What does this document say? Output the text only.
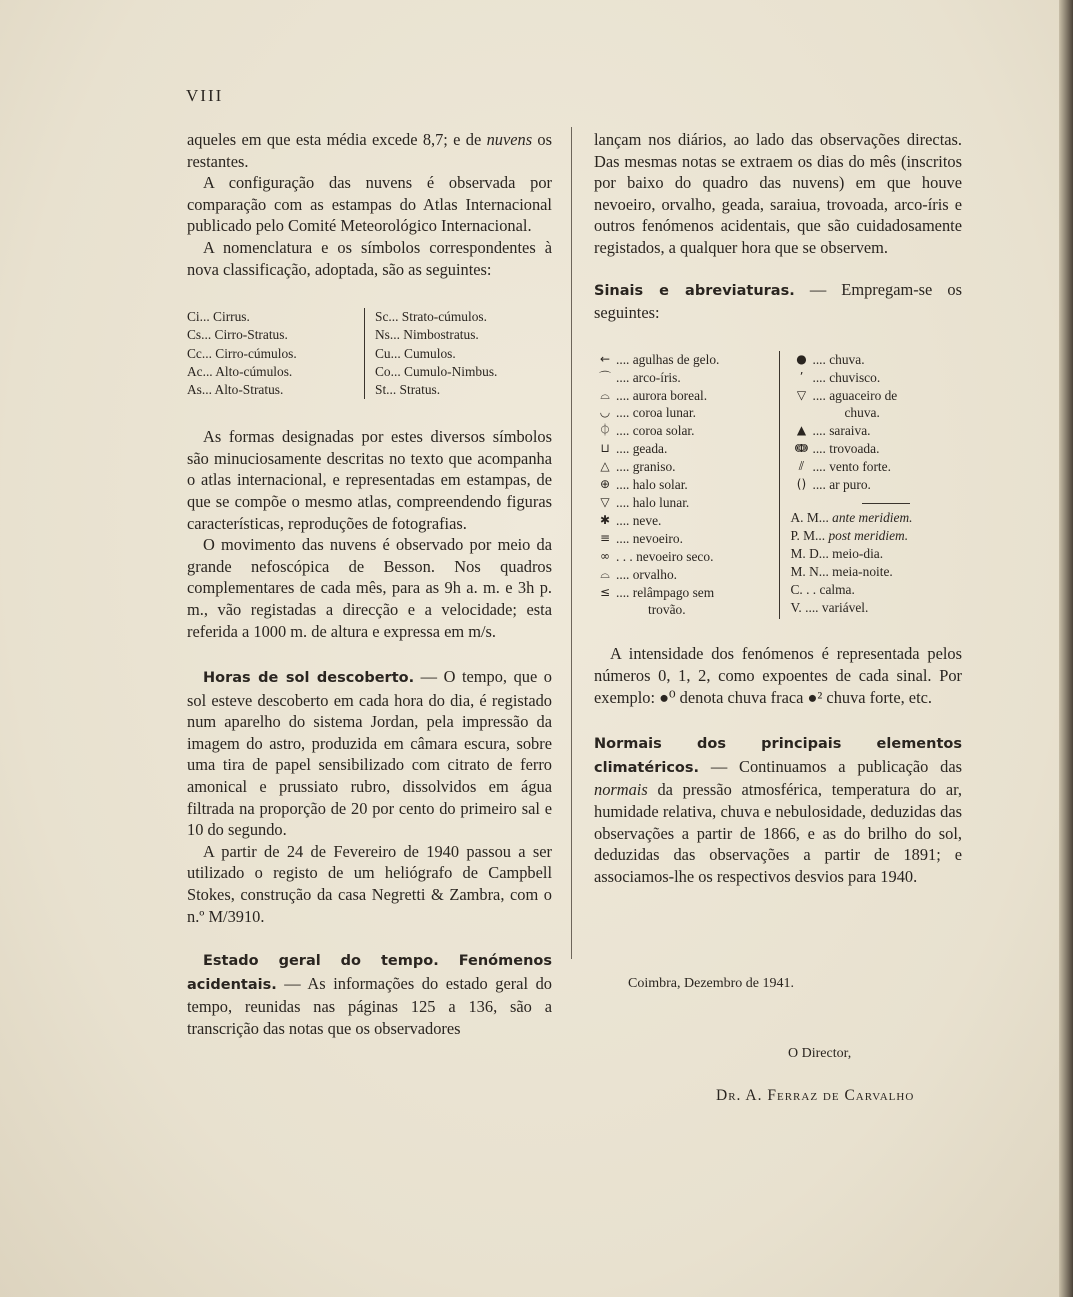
VIII

aqueles em que esta média excede 8,7; e de nuvens os restantes.

A configuração das nuvens é observada por comparação com as estampas do Atlas Internacional publicado pelo Comité Meteorológico Internacional.

A nomenclatura e os símbolos correspondentes à nova classificação, adoptada, são as seguintes:

Ci... Cirrus.
Cs... Cirro-Stratus.
Cc... Cirro-cúmulos.
Ac... Alto-cúmulos.
As... Alto-Stratus.
Sc... Strato-cúmulos.
Ns... Nimbostratus.
Cu... Cumulos.
Co... Cumulo-Nimbus.
St... Stratus.

As formas designadas por estes diversos símbolos são minuciosamente descritas no texto que acompanha o atlas internacional, e representadas em estampas, de que se compõe o mesmo atlas, compreendendo figuras características, reproduções de fotografias.

O movimento das nuvens é observado por meio da grande nefoscópica de Besson. Nos quadros complementares de cada mês, para as 9h a. m. e 3h p. m., vão registadas a direcção e a velocidade; esta referida a 1000 m. de altura e expressa em m/s.

Horas de sol descoberto. — O tempo, que o sol esteve descoberto em cada hora do dia, é registado num aparelho do sistema Jordan, pela impressão da imagem do astro, produzida em câmara escura, sobre uma tira de papel sensibilizado com citrato de ferro amonical e prussiato rubro, dissolvidos em água filtrada na proporção de 20 por cento do primeiro sal e 10 do segundo.

A partir de 24 de Fevereiro de 1940 passou a ser utilizado o registo de um heliógrafo de Campbell Stokes, construção da casa Negretti & Zambra, com o n.º M/3910.

Estado geral do tempo. Fenómenos acidentais. — As informações do estado geral do tempo, reunidas nas páginas 125 a 136, são a transcrição das notas que os observadores

lançam nos diários, ao lado das observações directas. Das mesmas notas se extraem os dias do mês (inscritos por baixo do quadro das nuvens) em que houve nevoeiro, orvalho, geada, saraiua, trovoada, arco-íris e outros fenómenos acidentais, que são cuidadosamente registados, a qualquer hora que se observem.

Sinais e abreviaturas. — Empregam-se os seguintes:

← .... agulhas de gelo.
⌒ .... arco-íris.
⌓ .... aurora boreal.
◡ .... coroa lunar.
⏀ .... coroa solar.
⊔ .... geada.
△ .... graniso.
⊕ .... halo solar.
▽ .... halo lunar.
✱ .... neve.
≡ .... nevoeiro.
∞ . . . nevoeiro seco.
⌓ .... orvalho.
≤ .... relâmpago sem
trovão.
● .... chuva.
’ .... chuvisco.
▽ .... aguaceiro de
chuva.
▲ .... saraiva.
ↈ .... trovoada.
⫽ .... vento forte.
() .... ar puro.
A. M... ante meridiem.
P. M... post meridiem.
M. D... meio-dia.
M. N... meia-noite.
C. . . calma.
V. .... variável.

A intensidade dos fenómenos é representada pelos números 0, 1, 2, como expoentes de cada sinal. Por exemplo: ●⁰ denota chuva fraca ●² chuva forte, etc.

Normais dos principais elementos climatéricos. — Continuamos a publicação das normais da pressão atmosférica, temperatura do ar, humidade relativa, chuva e nebulosidade, deduzidas das observações a partir de 1866, e as do brilho do sol, deduzidas das observações a partir de 1891; e associamos-lhe os respectivos desvios para 1940.

Coimbra, Dezembro de 1941.
O Director,
Dr. A. Ferraz de Carvalho
